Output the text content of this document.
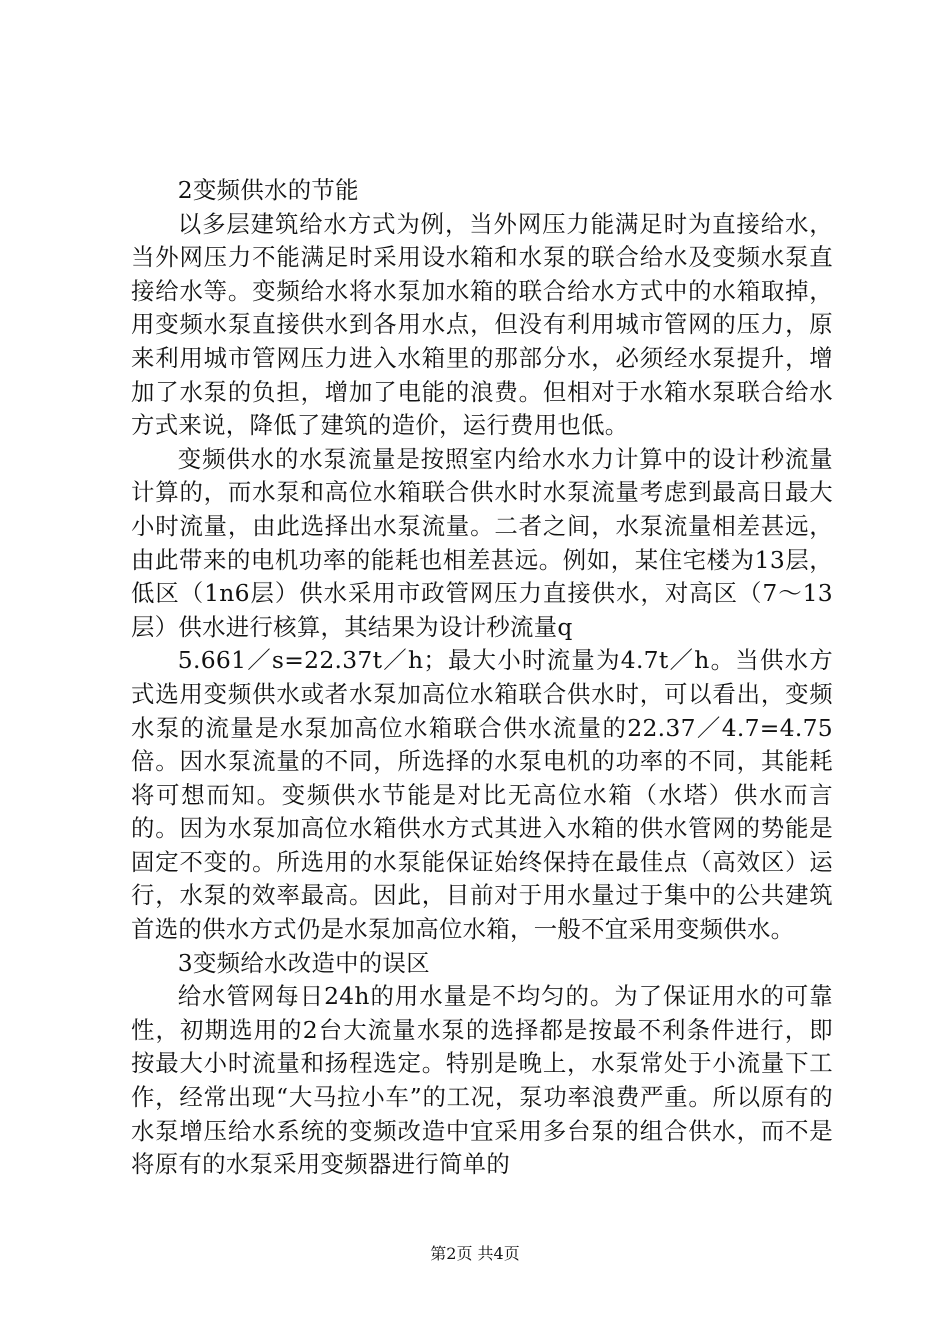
2变频供水的节能

以多层建筑给水方式为例，当外网压力能满足时为直接给水，当外网压力不能满足时采用设水箱和水泵的联合给水及变频水泵直接给水等。变频给水将水泵加水箱的联合给水方式中的水箱取掉，用变频水泵直接供水到各用水点，但没有利用城市管网的压力，原来利用城市管网压力进入水箱里的那部分水，必须经水泵提升，增加了水泵的负担，增加了电能的浪费。但相对于水箱水泵联合给水方式来说，降低了建筑的造价，运行费用也低。

变频供水的水泵流量是按照室内给水水力计算中的设计秒流量计算的，而水泵和高位水箱联合供水时水泵流量考虑到最高日最大小时流量，由此选择出水泵流量。二者之间，水泵流量相差甚远，由此带来的电机功率的能耗也相差甚远。例如，某住宅楼为13层，低区（1n6层）供水采用市政管网压力直接供水，对高区（7～13层）供水进行核算，其结果为设计秒流量q

5.661／s=22.37t／h；最大小时流量为4.7t／h。当供水方式选用变频供水或者水泵加高位水箱联合供水时，可以看出，变频水泵的流量是水泵加高位水箱联合供水流量的22.37／4.7=4.75倍。因水泵流量的不同，所选择的水泵电机的功率的不同，其能耗将可想而知。变频供水节能是对比无高位水箱（水塔）供水而言的。因为水泵加高位水箱供水方式其进入水箱的供水管网的势能是固定不变的。所选用的水泵能保证始终保持在最佳点（高效区）运行，水泵的效率最高。因此，目前对于用水量过于集中的公共建筑首选的供水方式仍是水泵加高位水箱，一般不宜采用变频供水。

3变频给水改造中的误区

给水管网每日24h的用水量是不均匀的。为了保证用水的可靠性，初期选用的2台大流量水泵的选择都是按最不利条件进行，即按最大小时流量和扬程选定。特别是晚上，水泵常处于小流量下工作，经常出现“大马拉小车”的工况，泵功率浪费严重。所以原有的水泵增压给水系统的变频改造中宜采用多台泵的组合供水，而不是将原有的水泵采用变频器进行简单的

第2页 共4页
